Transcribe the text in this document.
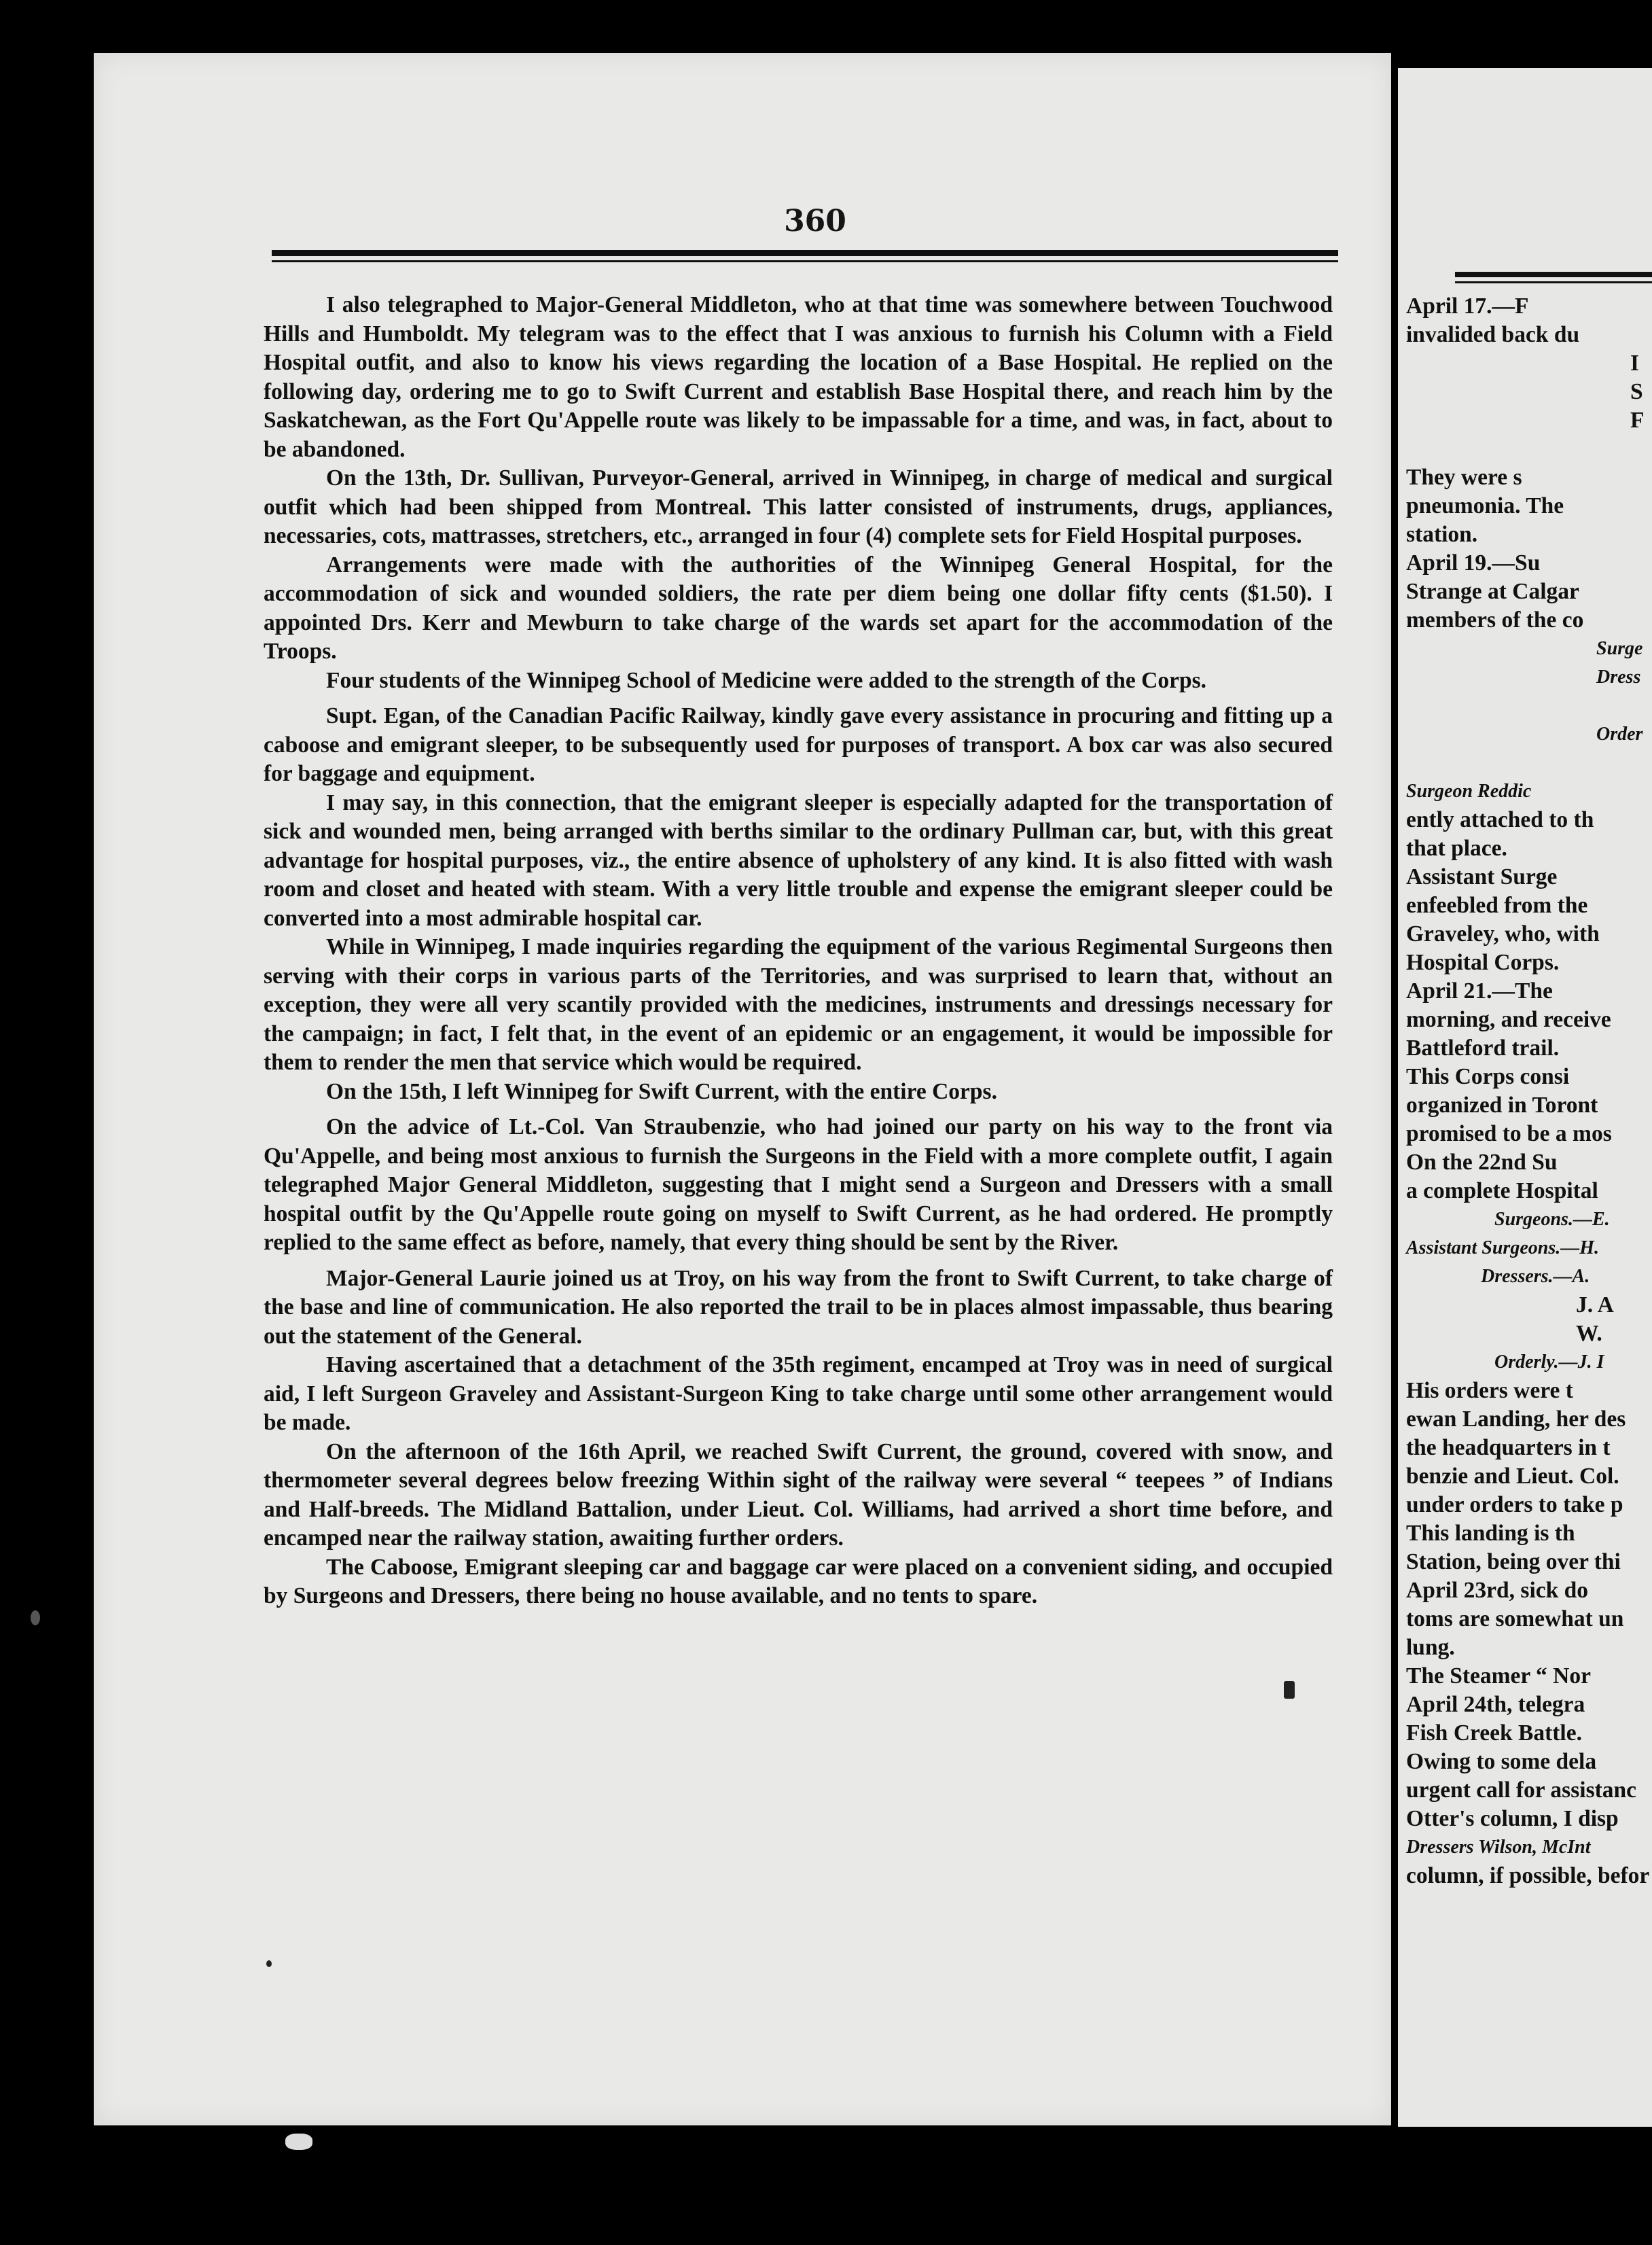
360

I also telegraphed to Major-General Middleton, who at that time was somewhere between Touchwood Hills and Humboldt. My telegram was to the effect that I was anxious to furnish his Column with a Field Hospital outfit, and also to know his views regarding the location of a Base Hospital. He replied on the following day, ordering me to go to Swift Current and establish Base Hospital there, and reach him by the Saskatchewan, as the Fort Qu'Appelle route was likely to be impassable for a time, and was, in fact, about to be abandoned.

On the 13th, Dr. Sullivan, Purveyor-General, arrived in Winnipeg, in charge of medical and surgical outfit which had been shipped from Montreal. This latter consisted of instruments, drugs, appliances, necessaries, cots, mattrasses, stretchers, etc., arranged in four (4) complete sets for Field Hospital purposes.

Arrangements were made with the authorities of the Winnipeg General Hospital, for the accommodation of sick and wounded soldiers, the rate per diem being one dollar fifty cents ($1.50). I appointed Drs. Kerr and Mewburn to take charge of the wards set apart for the accommodation of the Troops.

Four students of the Winnipeg School of Medicine were added to the strength of the Corps.

Supt. Egan, of the Canadian Pacific Railway, kindly gave every assistance in procuring and fitting up a caboose and emigrant sleeper, to be subsequently used for purposes of transport. A box car was also secured for baggage and equipment.

I may say, in this connection, that the emigrant sleeper is especially adapted for the transportation of sick and wounded men, being arranged with berths similar to the ordinary Pullman car, but, with this great advantage for hospital purposes, viz., the entire absence of upholstery of any kind. It is also fitted with wash room and closet and heated with steam. With a very little trouble and expense the emigrant sleeper could be converted into a most admirable hospital car.

While in Winnipeg, I made inquiries regarding the equipment of the various Regimental Surgeons then serving with their corps in various parts of the Territories, and was surprised to learn that, without an exception, they were all very scantily provided with the medicines, instruments and dressings necessary for the campaign; in fact, I felt that, in the event of an epidemic or an engagement, it would be impossible for them to render the men that service which would be required.

On the 15th, I left Winnipeg for Swift Current, with the entire Corps.

On the advice of Lt.-Col. Van Straubenzie, who had joined our party on his way to the front via Qu'Appelle, and being most anxious to furnish the Surgeons in the Field with a more complete outfit, I again telegraphed Major General Middleton, suggesting that I might send a Surgeon and Dressers with a small hospital outfit by the Qu'Appelle route going on myself to Swift Current, as he had ordered. He promptly replied to the same effect as before, namely, that every thing should be sent by the River.

Major-General Laurie joined us at Troy, on his way from the front to Swift Current, to take charge of the base and line of communication. He also reported the trail to be in places almost impassable, thus bearing out the statement of the General.

Having ascertained that a detachment of the 35th regiment, encamped at Troy was in need of surgical aid, I left Surgeon Graveley and Assistant-Surgeon King to take charge until some other arrangement would be made.

On the afternoon of the 16th April, we reached Swift Current, the ground, covered with snow, and thermometer several degrees below freezing Within sight of the railway were several “ teepees ” of Indians and Half-breeds. The Midland Battalion, under Lieut. Col. Williams, had arrived a short time before, and encamped near the railway station, awaiting further orders.

The Caboose, Emigrant sleeping car and baggage car were placed on a convenient siding, and occupied by Surgeons and Dressers, there being no house available, and no tents to spare.

April 17.—F
invalided back du
I
S
F
They were s
pneumonia. The
station.
April 19.—Su
Strange at Calgar
members of the co
Surge
Dress
Order
Surgeon Reddic
ently attached to th
that place.
Assistant Surge
enfeebled from the
Graveley, who, with
Hospital Corps.
April 21.—The
morning, and receive
Battleford trail.
This Corps consi
organized in Toront
promised to be a mos
On the 22nd Su
a complete Hospital
Surgeons.—E.
Assistant Surgeons.—H.
Dressers.—A.
J. A
W.
Orderly.—J. I
His orders were t
ewan Landing, her des
the headquarters in t
benzie and Lieut. Col.
under orders to take p
This landing is th
Station, being over thi
April 23rd, sick do
toms are somewhat un
lung.
The Steamer “ Nor
April 24th, telegra
Fish Creek Battle.
Owing to some dela
urgent call for assistanc
Otter's column, I disp
Dressers Wilson, McInt
column, if possible, befor
